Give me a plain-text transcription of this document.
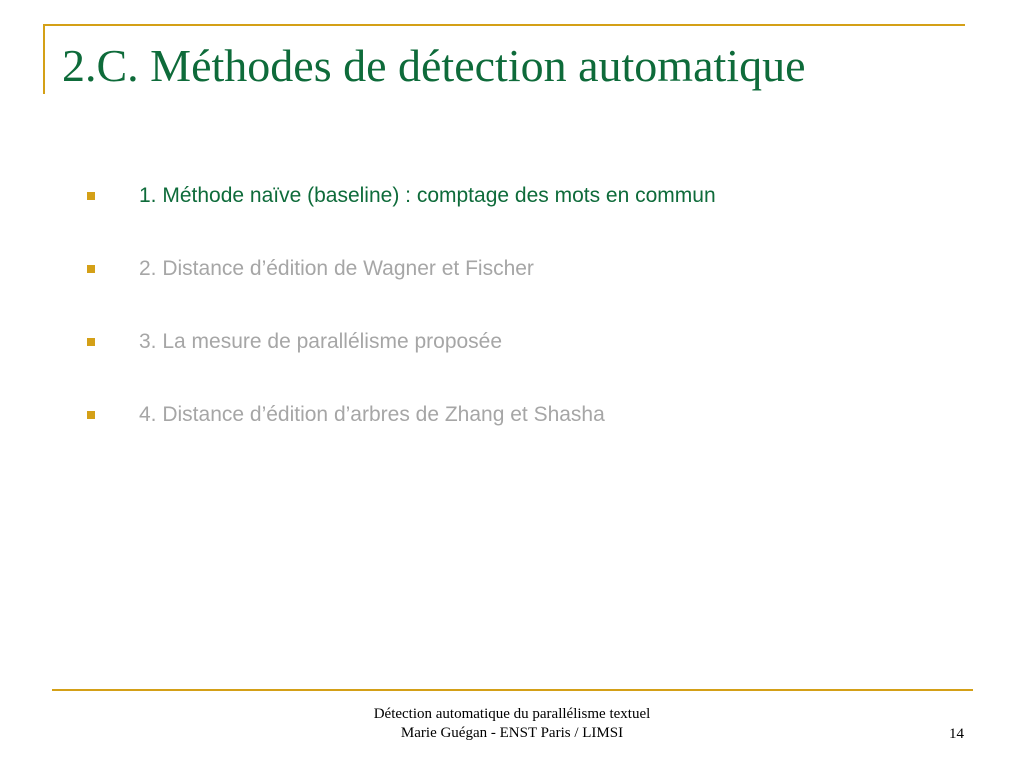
2.C. Méthodes de détection automatique
1. Méthode naïve (baseline) : comptage des mots en commun
2. Distance d’édition de Wagner et Fischer
3. La mesure de parallélisme proposée
4. Distance d’édition d’arbres de Zhang et Shasha
Détection automatique du parallélisme textuel
Marie Guégan - ENST Paris / LIMSI	14
